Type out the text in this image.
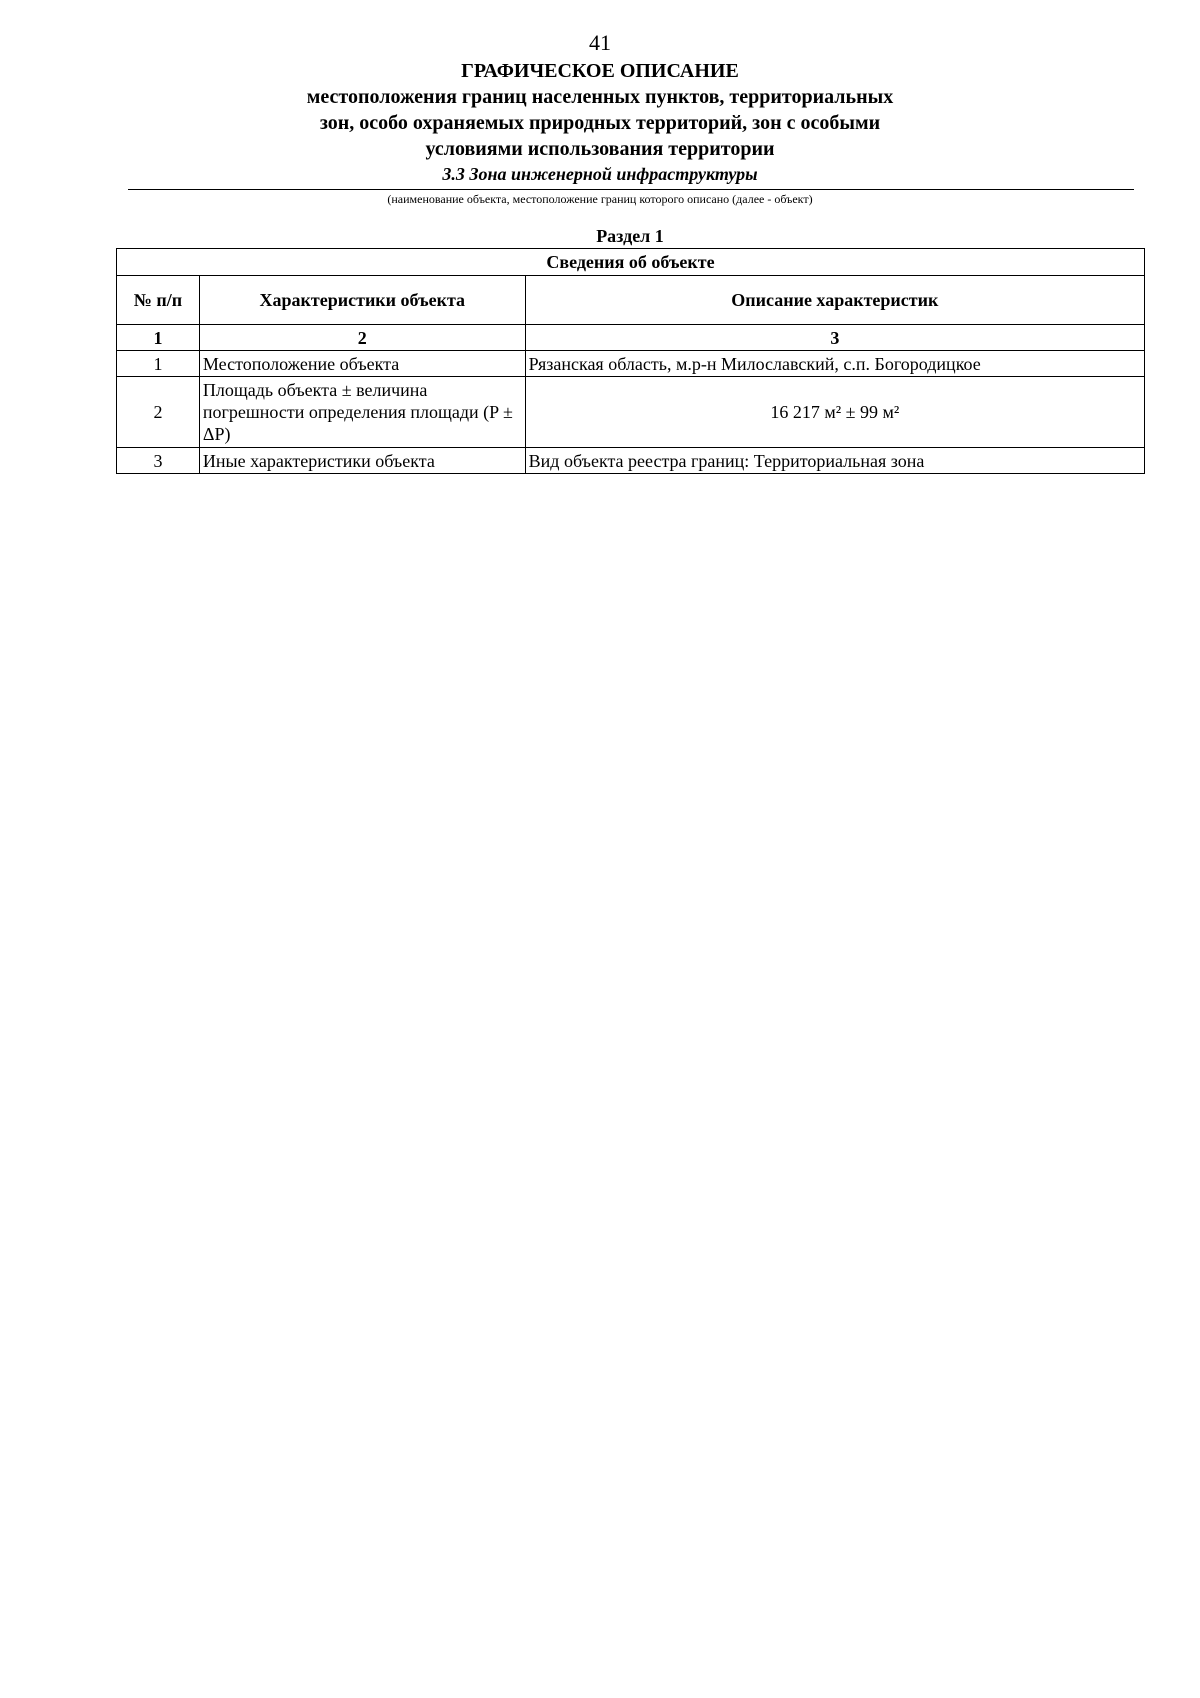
41
ГРАФИЧЕСКОЕ ОПИСАНИЕ
местоположения границ населенных пунктов, территориальных
зон, особо охраняемых природных территорий, зон с особыми
условиями использования территории
3.3 Зона инженерной инфраструктуры
(наименование объекта, местоположение границ которого описано (далее - объект)
Раздел 1
Сведения об объекте		
№ п/п	Характеристики объекта	Описание характеристик
1	2	3
1	Местоположение объекта	Рязанская область, м.р-н Милославский, с.п. Богородицкое
2	Площадь объекта ± величина погрешности определения площади (P ± ΔP)	16 217 м² ± 99 м²
3	Иные характеристики объекта	Вид объекта реестра границ: Территориальная зона
